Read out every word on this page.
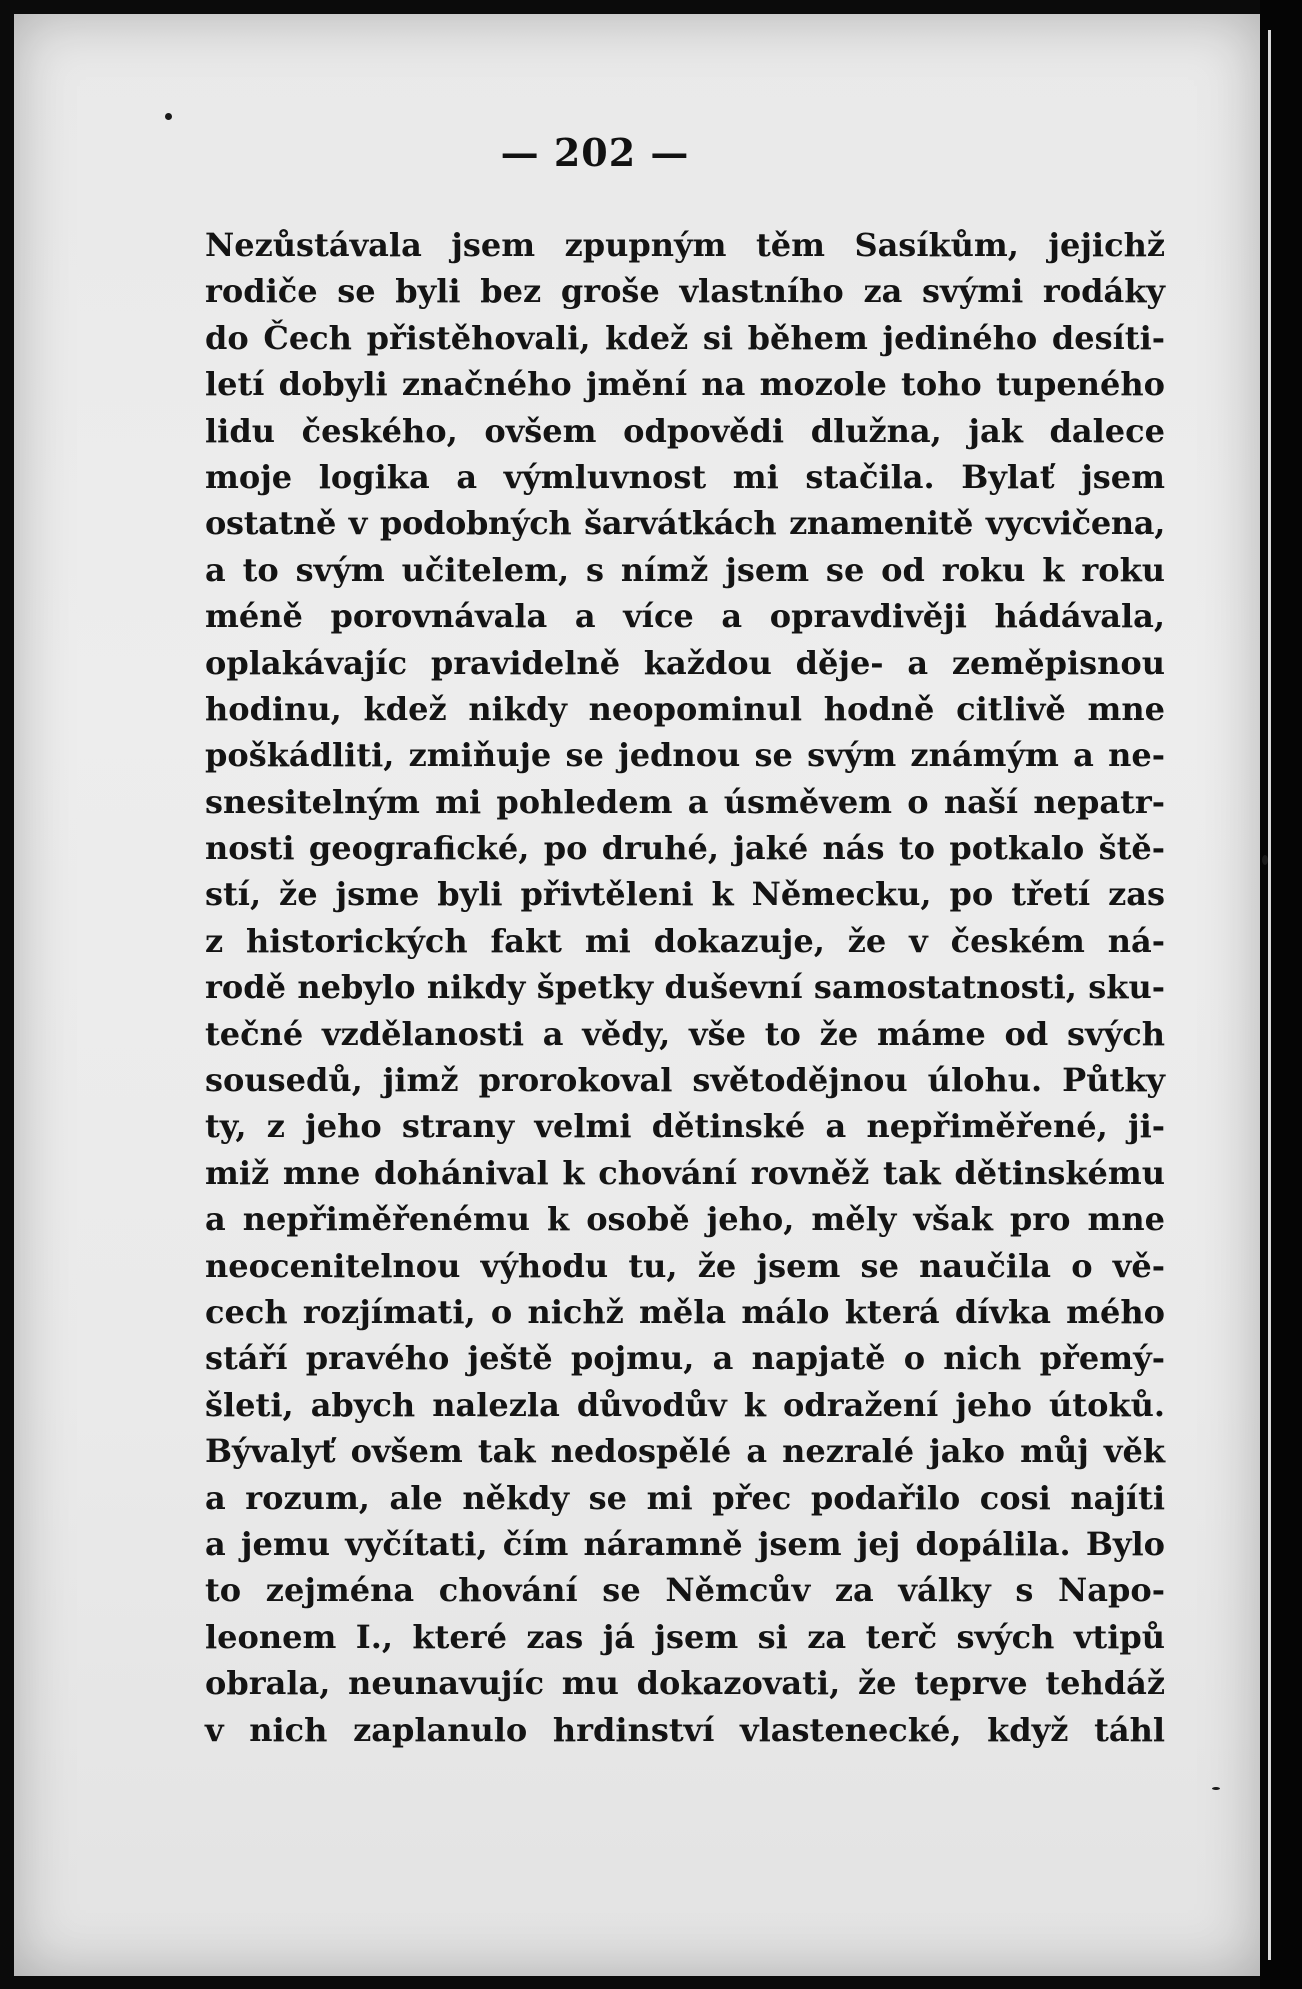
— 202 —
Nezůstávala jsem zpupným těm Sasíkům, jejichž
rodiče se byli bez groše vlastního za svými rodáky
do Čech přistěhovali, kdež si během jediného desíti-
letí dobyli značného jmění na mozole toho tupeného
lidu českého, ovšem odpovědi dlužna, jak dalece
moje logika a výmluvnost mi stačila. Bylať jsem
ostatně v podobných šarvátkách znamenitě vycvičena,
a to svým učitelem, s nímž jsem se od roku k roku
méně porovnávala a více a opravdivěji hádávala,
oplakávajíc pravidelně každou děje- a zeměpisnou
hodinu, kdež nikdy neopominul hodně citlivě mne
poškádliti, zmiňuje se jednou se svým známým a ne-
snesitelným mi pohledem a úsměvem o naší nepatr-
nosti geografické, po druhé, jaké nás to potkalo ště-
stí, že jsme byli přivtěleni k Německu, po třetí zas
z historických fakt mi dokazuje, že v českém ná-
rodě nebylo nikdy špetky duševní samostatnosti, sku-
tečné vzdělanosti a vědy, vše to že máme od svých
sousedů, jimž prorokoval světodějnou úlohu. Půtky
ty, z jeho strany velmi dětinské a nepřiměřené, ji-
miž mne dohánival k chování rovněž tak dětinskému
a nepřiměřenému k osobě jeho, měly však pro mne
neocenitelnou výhodu tu, že jsem se naučila o vě-
cech rozjímati, o nichž měla málo která dívka mého
stáří pravého ještě pojmu, a napjatě o nich přemý-
šleti, abych nalezla důvodův k odražení jeho útoků.
Bývalyť ovšem tak nedospělé a nezralé jako můj věk
a rozum, ale někdy se mi přec podařilo cosi najíti
a jemu vyčítati, čím náramně jsem jej dopálila. Bylo
to zejména chování se Němcův za války s Napo-
leonem I., které zas já jsem si za terč svých vtipů
obrala, neunavujíc mu dokazovati, že teprve tehdáž
v nich zaplanulo hrdinství vlastenecké, když táhl
